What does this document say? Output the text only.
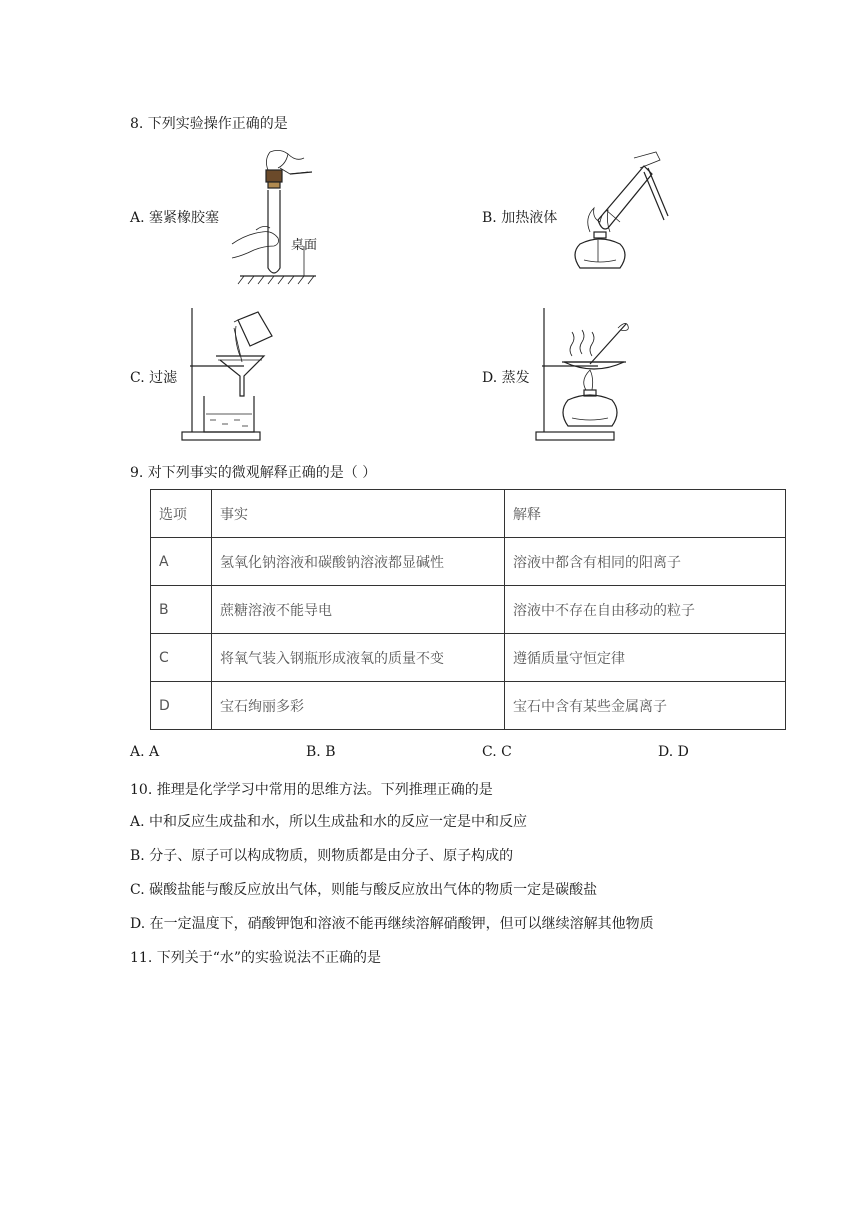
8. 下列实验操作正确的是
A. 塞紧橡胶塞	B. 加热液体
C. 过滤	D. 蒸发
桌面
9. 对下列事实的微观解释正确的是（ ）
选项	事实	解释
A	氢氧化钠溶液和碳酸钠溶液都显碱性	溶液中都含有相同的阳离子
B	蔗糖溶液不能导电	溶液中不存在自由移动的粒子
C	将氧气装入钢瓶形成液氧的质量不变	遵循质量守恒定律
D	宝石绚丽多彩	宝石中含有某些金属离子
A. A	B. B	C. C	D. D
10. 推理是化学学习中常用的思维方法。下列推理正确的是
A. 中和反应生成盐和水，所以生成盐和水的反应一定是中和反应
B. 分子、原子可以构成物质，则物质都是由分子、原子构成的
C. 碳酸盐能与酸反应放出气体，则能与酸反应放出气体的物质一定是碳酸盐
D. 在一定温度下，硝酸钾饱和溶液不能再继续溶解硝酸钾，但可以继续溶解其他物质
11. 下列关于“水”的实验说法不正确的是
